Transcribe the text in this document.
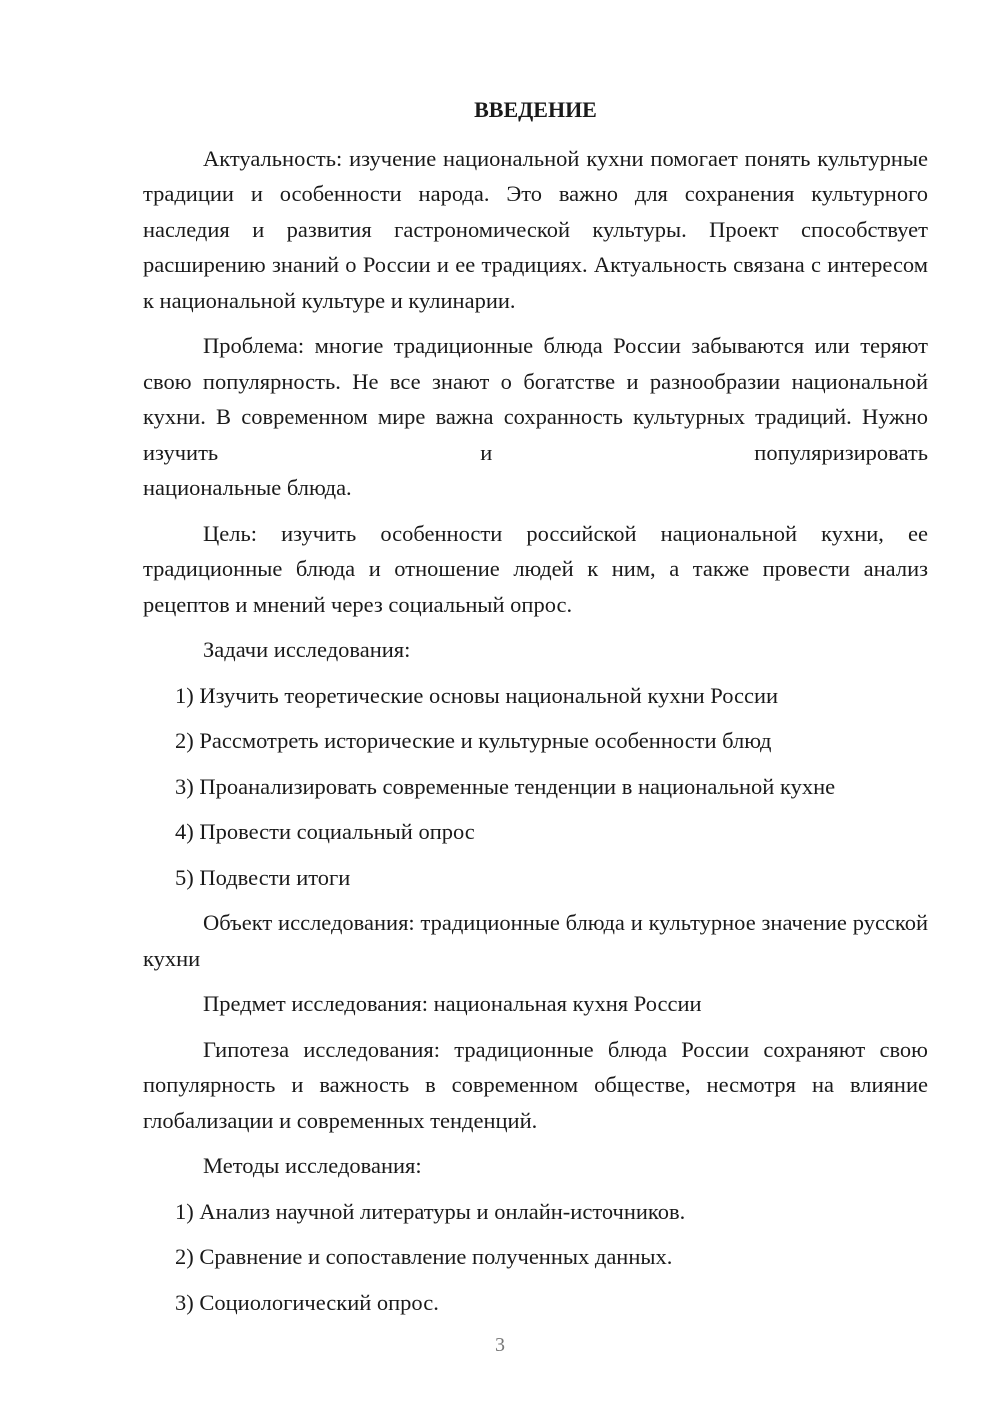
ВВЕДЕНИЕ

Актуальность: изучение национальной кухни помогает понять культурные традиции и особенности народа. Это важно для сохранения культурного наследия и развития гастрономической культуры. Проект способствует расширению знаний о России и ее традициях. Актуальность связана с интересом к национальной культуре и кулинарии.

Проблема: многие традиционные блюда России забываются или теряют свою популярность. Не все знают о богатстве и разнообразии национальной кухни. В современном мире важна сохранность культурных традиций. Нужно изучить и популяризировать

национальные блюда.

Цель: изучить особенности российской национальной кухни, ее традиционные блюда и отношение людей к ним, а также провести анализ рецептов и мнений через социальный опрос.

Задачи исследования:

1) Изучить теоретические основы национальной кухни России
2) Рассмотреть исторические и культурные особенности блюд
3) Проанализировать современные тенденции в национальной кухне
4) Провести социальный опрос
5) Подвести итоги

Объект исследования: традиционные блюда и культурное значение русской кухни

Предмет исследования: национальная кухня России

Гипотеза исследования: традиционные блюда России сохраняют свою популярность и важность в современном обществе, несмотря на влияние глобализации и современных тенденций.

Методы исследования:

1) Анализ научной литературы и онлайн-источников.
2) Сравнение и сопоставление полученных данных.
3) Социологический опрос.
3
